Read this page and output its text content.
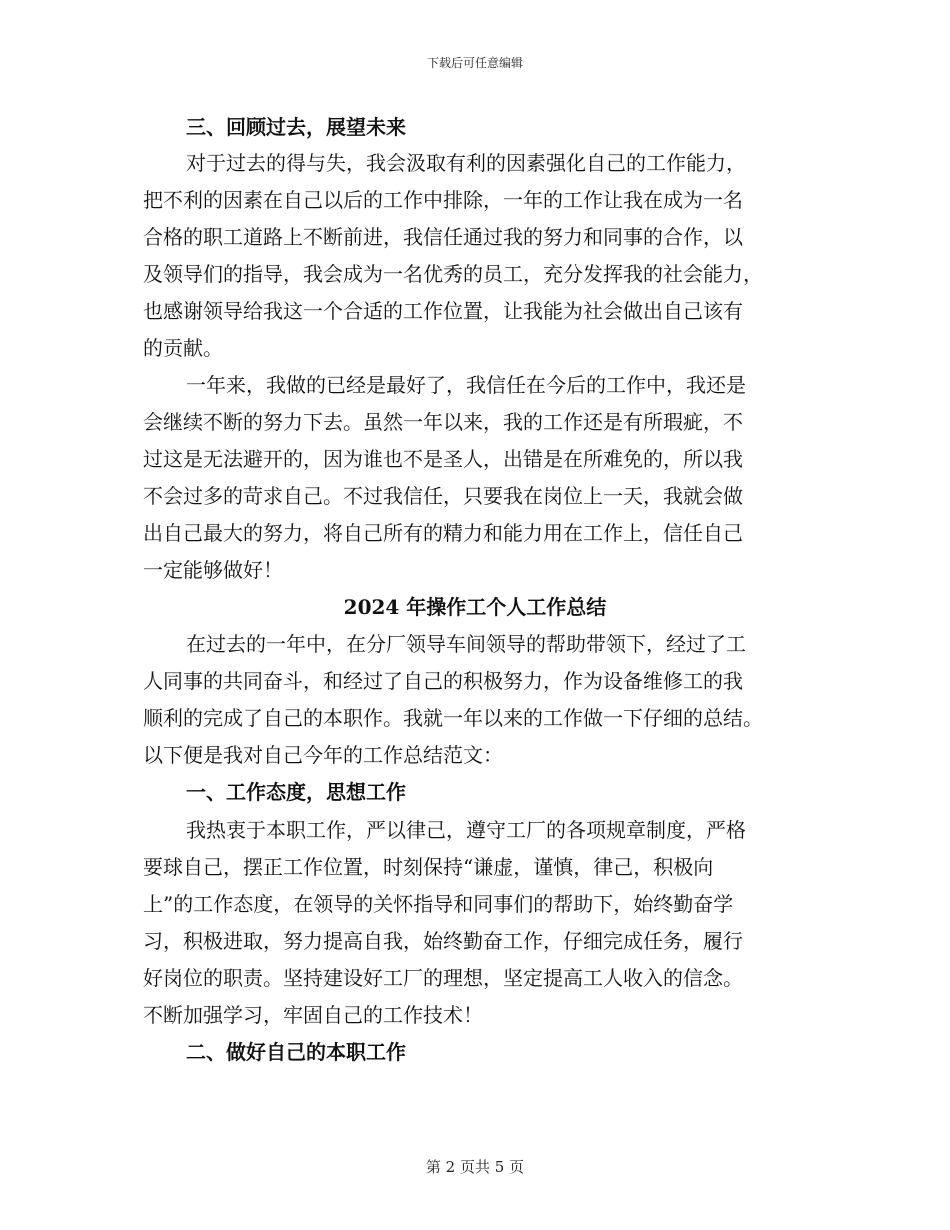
下载后可任意编辑
三、回顾过去，展望未来
对于过去的得与失，我会汲取有利的因素强化自己的工作能力，
把不利的因素在自己以后的工作中排除，一年的工作让我在成为一名
合格的职工道路上不断前进，我信任通过我的努力和同事的合作，以
及领导们的指导，我会成为一名优秀的员工，充分发挥我的社会能力，
也感谢领导给我这一个合适的工作位置，让我能为社会做出自己该有
的贡献。
一年来，我做的已经是最好了，我信任在今后的工作中，我还是
会继续不断的努力下去。虽然一年以来，我的工作还是有所瑕疵，不
过这是无法避开的，因为谁也不是圣人，出错是在所难免的，所以我
不会过多的苛求自己。不过我信任，只要我在岗位上一天，我就会做
出自己最大的努力，将自己所有的精力和能力用在工作上，信任自己
一定能够做好！
2024 年操作工个人工作总结
在过去的一年中，在分厂领导车间领导的帮助带领下，经过了工
人同事的共同奋斗，和经过了自己的积极努力，作为设备维修工的我
顺利的完成了自己的本职作。我就一年以来的工作做一下仔细的总结。
以下便是我对自己今年的工作总结范文：
一、工作态度，思想工作
我热衷于本职工作，严以律己，遵守工厂的各项规章制度，严格
要球自己，摆正工作位置，时刻保持“谦虚，谨慎，律己，积极向
上”的工作态度，在领导的关怀指导和同事们的帮助下，始终勤奋学
习，积极进取，努力提高自我，始终勤奋工作，仔细完成任务，履行
好岗位的职责。坚持建设好工厂的理想，坚定提高工人收入的信念。
不断加强学习，牢固自己的工作技术！
二、做好自己的本职工作
第 2 页共 5 页
